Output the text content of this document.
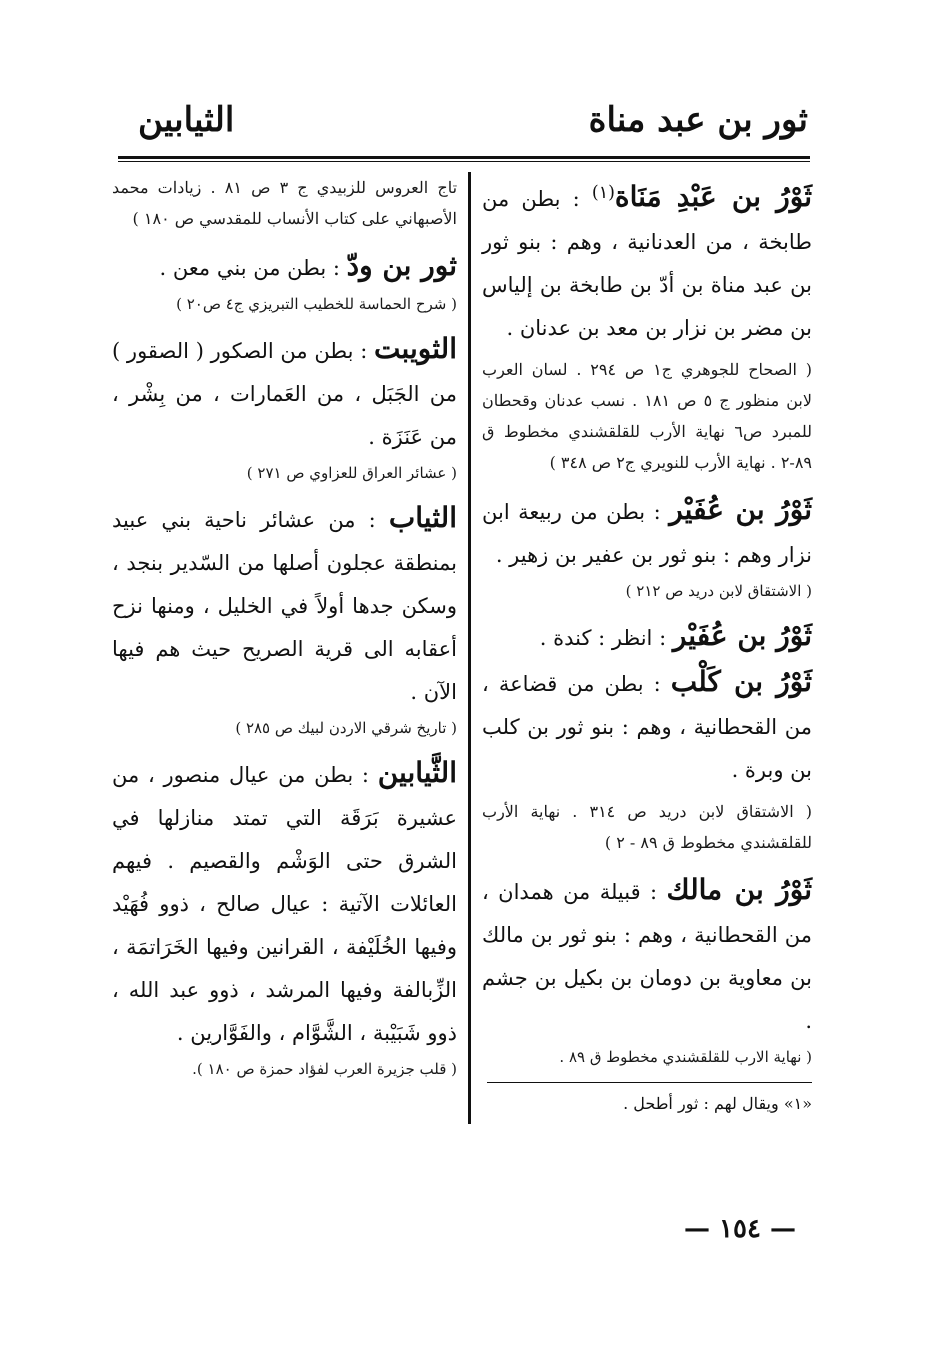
ثور بن عبد مناة
الثيابين

ثَوْرُ بن عَبْدِ مَنَاة$^{(١)}$ : بطن من طابخة ، من العدنانية ، وهم : بنو ثور بن عبد مناة بن أدّ بن طابخة بن إلياس بن مضر بن نزار بن معد بن عدنان .

( الصحاح للجوهري ج١ ص ٢٩٤ . لسان العرب لابن منظور ج ٥ ص ١٨١ . نسب عدنان وقحطان للمبرد ص٦ نهاية الأرب للقلقشندي مخطوط ق ٨٩-٢ . نهاية الأرب للنويري ج٢ ص ٣٤٨ )

ثَوْرُ بن عُفَيْر : بطن من ربيعة ابن نزار وهم : بنو ثور بن عفير بن زهير .

( الاشتقاق لابن دريد ص ٢١٢ )

ثَوْرُ بن عُفَيْر : انظر : كندة .

ثَوْرُ بن كَلْب : بطن من قضاعة ، من القحطانية ، وهم : بنو ثور بن كلب بن وبرة .

( الاشتقاق لابن دريد ص ٣١٤ . نهاية الأرب للقلقشندي مخطوط ق ٨٩ - ٢ )

ثَوْرُ بن مالك : قبيلة من همدان ، من القحطانية ، وهم : بنو ثور بن مالك بن معاوية بن دومان بن بكيل بن جشم .

( نهاية الارب للقلقشندي مخطوط ق ٨٩ .

«١» ويقال لهم : ثور أطحل .

تاج العروس للزبيدي ج ٣ ص ٨١ . زيادات محمد الأصبهاني على كتاب الأنساب للمقدسي ص ١٨٠ )

ثور بن ودّ : بطن من بني معن .

( شرح الحماسة للخطيب التبريزي ج٤ ص٢٠ )

الثويبت : بطن من الصكور ( الصقور ) من الجَبَل ، من العَمارات ، من بِشْر ، من عَنَزَة .

( عشائر العراق للعزاوي ص ٢٧١ )

الثياب : من عشائر ناحية بني عبيد بمنطقة عجلون أصلها من السّدير بنجد ، وسكن جدها أولاً في الخليل ، ومنها نزح أعقابه الى قرية الصريح حيث هم فيها الآن .

( تاريخ شرقي الاردن لبيك ص ٢٨٥ )

الثَّيابين : بطن من عيال منصور ، من عشيرة بَرَقَة التي تمتد منازلها في الشرق حتى الوَشْم والقصيم . فيهم العائلات الآتية : عيال صالح ، ذوو فُهَيْد وفيها الخُلَيْفة ، القرانين وفيها الخَرَاتمَة ، الزِّبالفة وفيها المرشد ، ذوو عبد الله ، ذوو شَبَيْبة ، الشَّوَّام ، والفَوَّارين .

( قلب جزيرة العرب لفؤاد حمزة ص ١٨٠ ).

— ١٥٤ —
